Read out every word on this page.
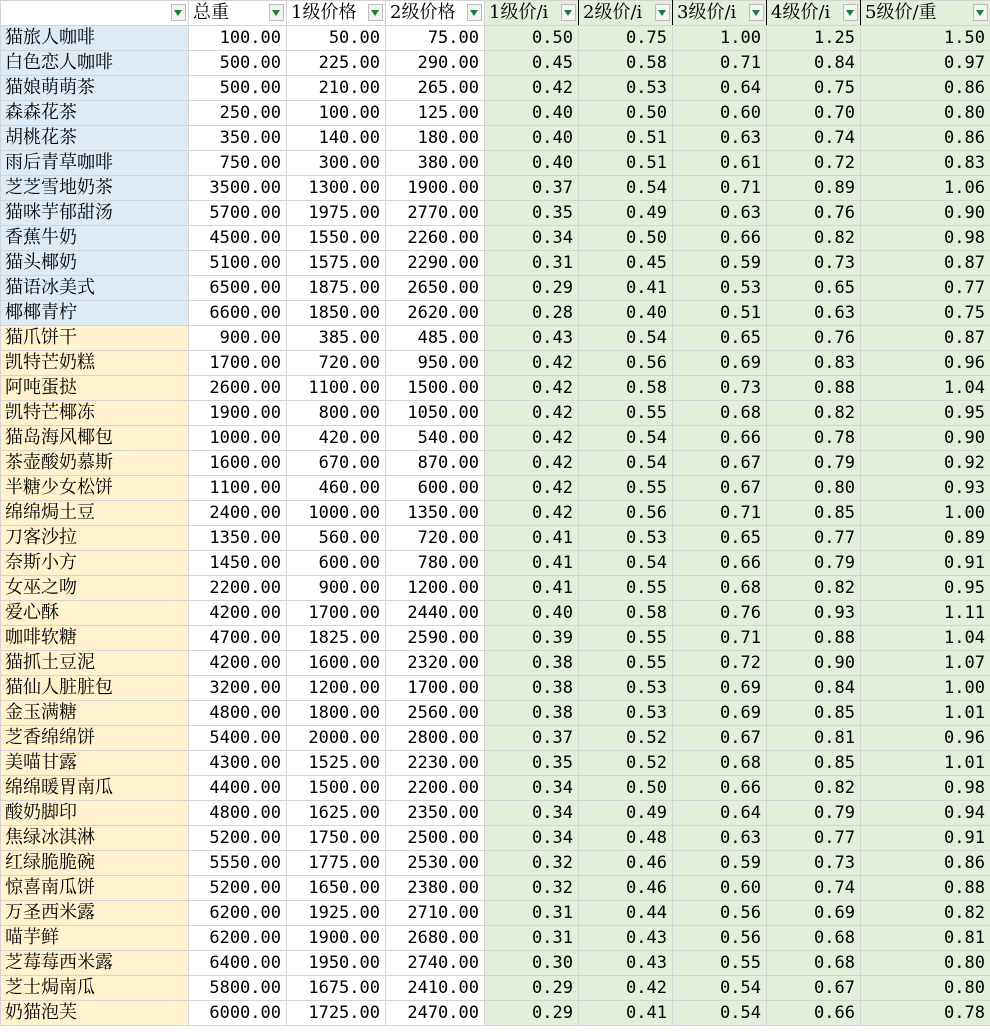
	总重	1级价格	2级价格	1级价/i	2级价/i	3级价/i	4级价/i	5级价/重

猫旅人咖啡	100.00	50.00	75.00	0.50	0.75	1.00	1.25	1.50
白色恋人咖啡	500.00	225.00	290.00	0.45	0.58	0.71	0.84	0.97
猫娘萌萌茶	500.00	210.00	265.00	0.42	0.53	0.64	0.75	0.86
森森花茶	250.00	100.00	125.00	0.40	0.50	0.60	0.70	0.80
胡桃花茶	350.00	140.00	180.00	0.40	0.51	0.63	0.74	0.86
雨后青草咖啡	750.00	300.00	380.00	0.40	0.51	0.61	0.72	0.83
芝芝雪地奶茶	3500.00	1300.00	1900.00	0.37	0.54	0.71	0.89	1.06
猫咪芋郁甜汤	5700.00	1975.00	2770.00	0.35	0.49	0.63	0.76	0.90
香蕉牛奶	4500.00	1550.00	2260.00	0.34	0.50	0.66	0.82	0.98
猫头椰奶	5100.00	1575.00	2290.00	0.31	0.45	0.59	0.73	0.87
猫语冰美式	6500.00	1875.00	2650.00	0.29	0.41	0.53	0.65	0.77
椰椰青柠	6600.00	1850.00	2620.00	0.28	0.40	0.51	0.63	0.75
猫爪饼干	900.00	385.00	485.00	0.43	0.54	0.65	0.76	0.87
凯特芒奶糕	1700.00	720.00	950.00	0.42	0.56	0.69	0.83	0.96
阿吨蛋挞	2600.00	1100.00	1500.00	0.42	0.58	0.73	0.88	1.04
凯特芒椰冻	1900.00	800.00	1050.00	0.42	0.55	0.68	0.82	0.95
猫岛海风椰包	1000.00	420.00	540.00	0.42	0.54	0.66	0.78	0.90
茶壶酸奶慕斯	1600.00	670.00	870.00	0.42	0.54	0.67	0.79	0.92
半糖少女松饼	1100.00	460.00	600.00	0.42	0.55	0.67	0.80	0.93
绵绵焗土豆	2400.00	1000.00	1350.00	0.42	0.56	0.71	0.85	1.00
刀客沙拉	1350.00	560.00	720.00	0.41	0.53	0.65	0.77	0.89
奈斯小方	1450.00	600.00	780.00	0.41	0.54	0.66	0.79	0.91
女巫之吻	2200.00	900.00	1200.00	0.41	0.55	0.68	0.82	0.95
爱心酥	4200.00	1700.00	2440.00	0.40	0.58	0.76	0.93	1.11
咖啡软糖	4700.00	1825.00	2590.00	0.39	0.55	0.71	0.88	1.04
猫抓土豆泥	4200.00	1600.00	2320.00	0.38	0.55	0.72	0.90	1.07
猫仙人脏脏包	3200.00	1200.00	1700.00	0.38	0.53	0.69	0.84	1.00
金玉满糖	4800.00	1800.00	2560.00	0.38	0.53	0.69	0.85	1.01
芝香绵绵饼	5400.00	2000.00	2800.00	0.37	0.52	0.67	0.81	0.96
美喵甘露	4300.00	1525.00	2230.00	0.35	0.52	0.68	0.85	1.01
绵绵暖胃南瓜	4400.00	1500.00	2200.00	0.34	0.50	0.66	0.82	0.98
酸奶脚印	4800.00	1625.00	2350.00	0.34	0.49	0.64	0.79	0.94
焦绿冰淇淋	5200.00	1750.00	2500.00	0.34	0.48	0.63	0.77	0.91
红绿脆脆碗	5550.00	1775.00	2530.00	0.32	0.46	0.59	0.73	0.86
惊喜南瓜饼	5200.00	1650.00	2380.00	0.32	0.46	0.60	0.74	0.88
万圣西米露	6200.00	1925.00	2710.00	0.31	0.44	0.56	0.69	0.82
喵芋鲜	6200.00	1900.00	2680.00	0.31	0.43	0.56	0.68	0.81
芝莓莓西米露	6400.00	1950.00	2740.00	0.30	0.43	0.55	0.68	0.80
芝士焗南瓜	5800.00	1675.00	2410.00	0.29	0.42	0.54	0.67	0.80
奶猫泡芙	6000.00	1725.00	2470.00	0.29	0.41	0.54	0.66	0.78
